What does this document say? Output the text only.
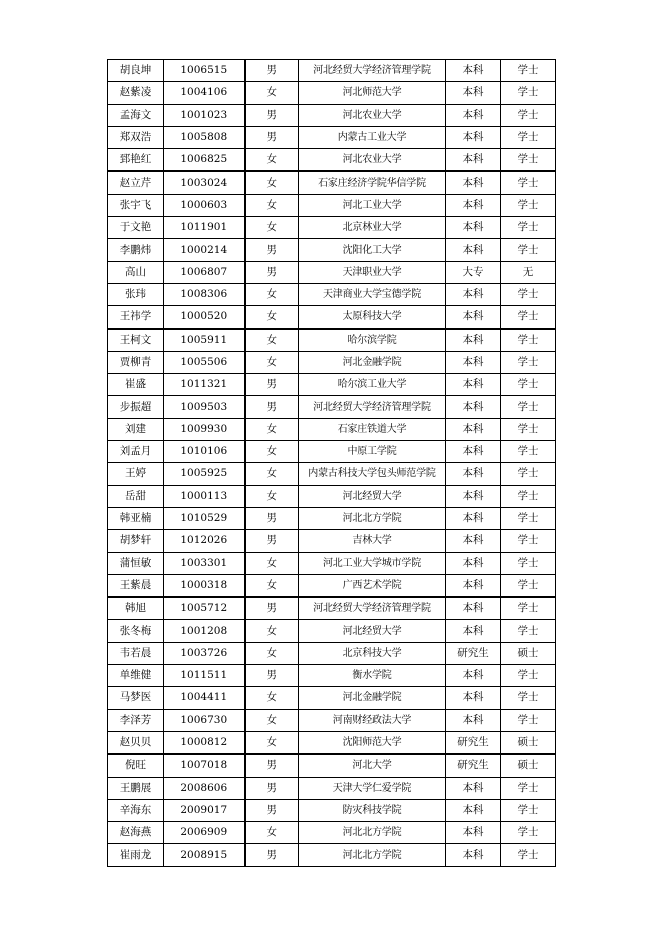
胡良坤	1006515	男	河北经贸大学经济管理学院	本科	学士
赵紫凌	1004106	女	河北师范大学	本科	学士
孟海文	1001023	男	河北农业大学	本科	学士
郑双浩	1005808	男	内蒙古工业大学	本科	学士
郅艳红	1006825	女	河北农业大学	本科	学士
赵立芹	1003024	女	石家庄经济学院华信学院	本科	学士
张宇飞	1000603	女	河北工业大学	本科	学士
于文艳	1011901	女	北京林业大学	本科	学士
李鹏炜	1000214	男	沈阳化工大学	本科	学士
高山	1006807	男	天津职业大学	大专	无
张玮	1008306	女	天津商业大学宝德学院	本科	学士
王祎学	1000520	女	太原科技大学	本科	学士
王柯文	1005911	女	哈尔滨学院	本科	学士
贾柳青	1005506	女	河北金融学院	本科	学士
崔盛	1011321	男	哈尔滨工业大学	本科	学士
步振超	1009503	男	河北经贸大学经济管理学院	本科	学士
刘建	1009930	女	石家庄铁道大学	本科	学士
刘孟月	1010106	女	中原工学院	本科	学士
王婷	1005925	女	内蒙古科技大学包头师范学院	本科	学士
岳甜	1000113	女	河北经贸大学	本科	学士
韩亚楠	1010529	男	河北北方学院	本科	学士
胡梦轩	1012026	男	吉林大学	本科	学士
蒲恒敏	1003301	女	河北工业大学城市学院	本科	学士
王紫晨	1000318	女	广西艺术学院	本科	学士
韩旭	1005712	男	河北经贸大学经济管理学院	本科	学士
张冬梅	1001208	女	河北经贸大学	本科	学士
韦若晨	1003726	女	北京科技大学	研究生	硕士
单维健	1011511	男	衡水学院	本科	学士
马梦医	1004411	女	河北金融学院	本科	学士
李泽芳	1006730	女	河南财经政法大学	本科	学士
赵贝贝	1000812	女	沈阳师范大学	研究生	硕士
倪旺	1007018	男	河北大学	研究生	硕士
王鹏展	2008606	男	天津大学仁爱学院	本科	学士
辛海东	2009017	男	防灾科技学院	本科	学士
赵海燕	2006909	女	河北北方学院	本科	学士
崔雨龙	2008915	男	河北北方学院	本科	学士
